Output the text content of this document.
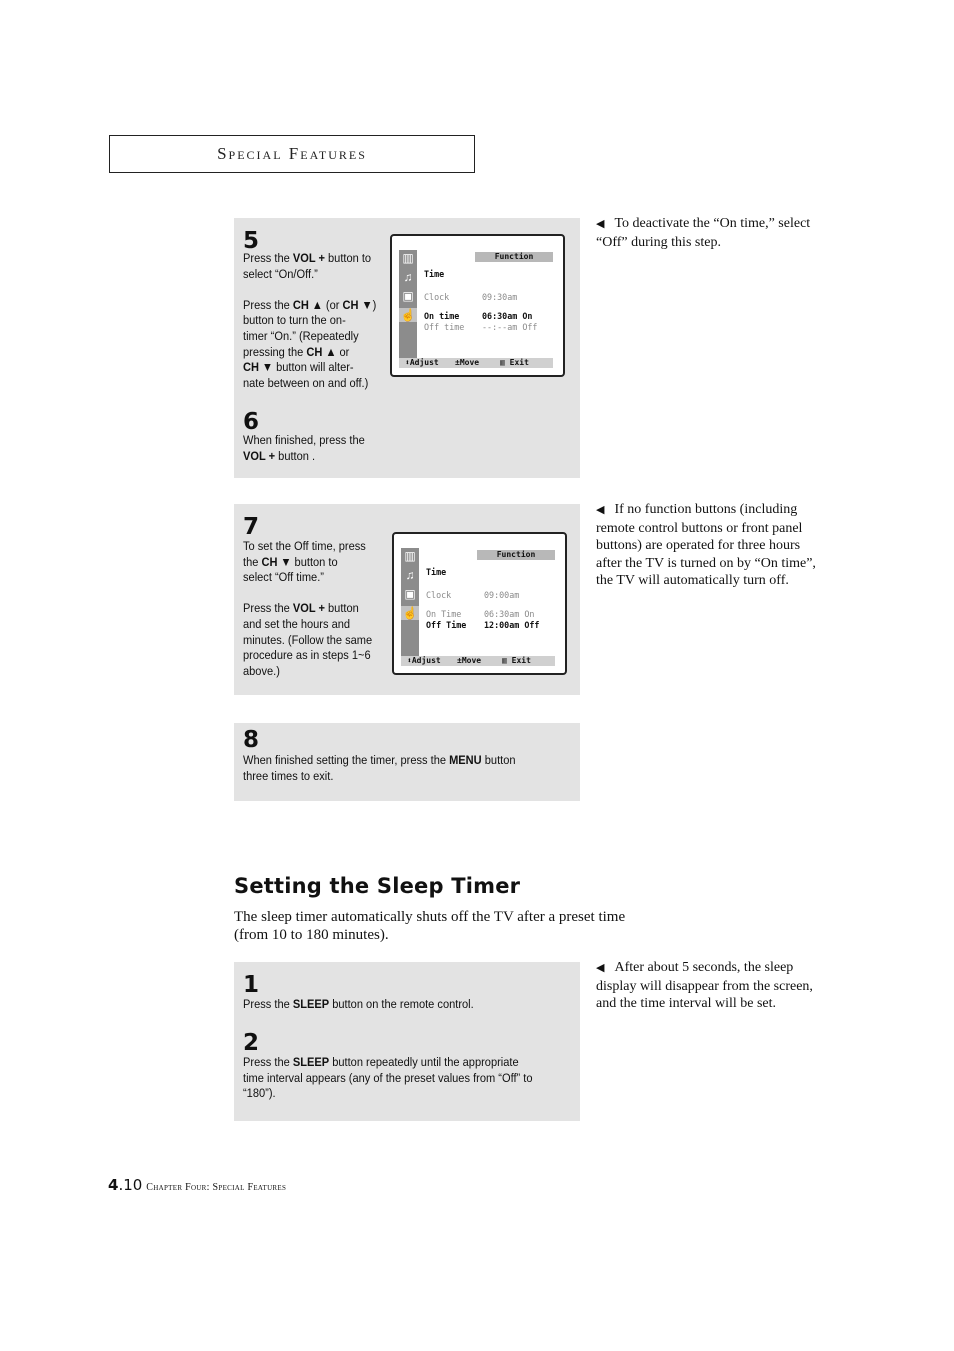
Special Features
5
Press the VOL + button to
select “On/Off.”
Press the CH ▲ (or CH ▼)
button to turn the on-
timer “On.” (Repeatedly
pressing the CH ▲ or
CH ▼ button will alter-
nate between on and off.)
6
When finished, press the
VOL + button .
▥
♫
▣
☝
Function
Time
Clock	09:30am
On time	06:30am On
Off time --:--am Off
⬍Adjust ±Move	▥ Exit
◀ To deactivate the “On time,” select “Off” during this step.
7
To set the Off time, press
the CH ▼ button to
select “Off time.”
Press the VOL + button
and set the hours and
minutes. (Follow the same
procedure as in steps 1~6
above.)
▥
♫
▣
☝
Function
Time
Clock	09:00am
On Time	06:30am On
Off Time 12:00am Off
⬍Adjust ±Move	▥ Exit
◀ If no function buttons (including remote control buttons or front panel buttons) are operated for three hours after the TV is turned on by “On time”, the TV will automatically turn off.
8
When finished setting the timer, press the MENU button
three times to exit.
Setting the Sleep Timer
The sleep timer automatically shuts off the TV after a preset time
(from 10 to 180 minutes).
1
Press the SLEEP button on the remote control.
2
Press the SLEEP button repeatedly until the appropriate
time interval appears (any of the preset values from “Off” to
“180”).
◀ After about 5 seconds, the sleep display will disappear from the screen, and the time interval will be set.
4.10 Chapter Four: Special Features
